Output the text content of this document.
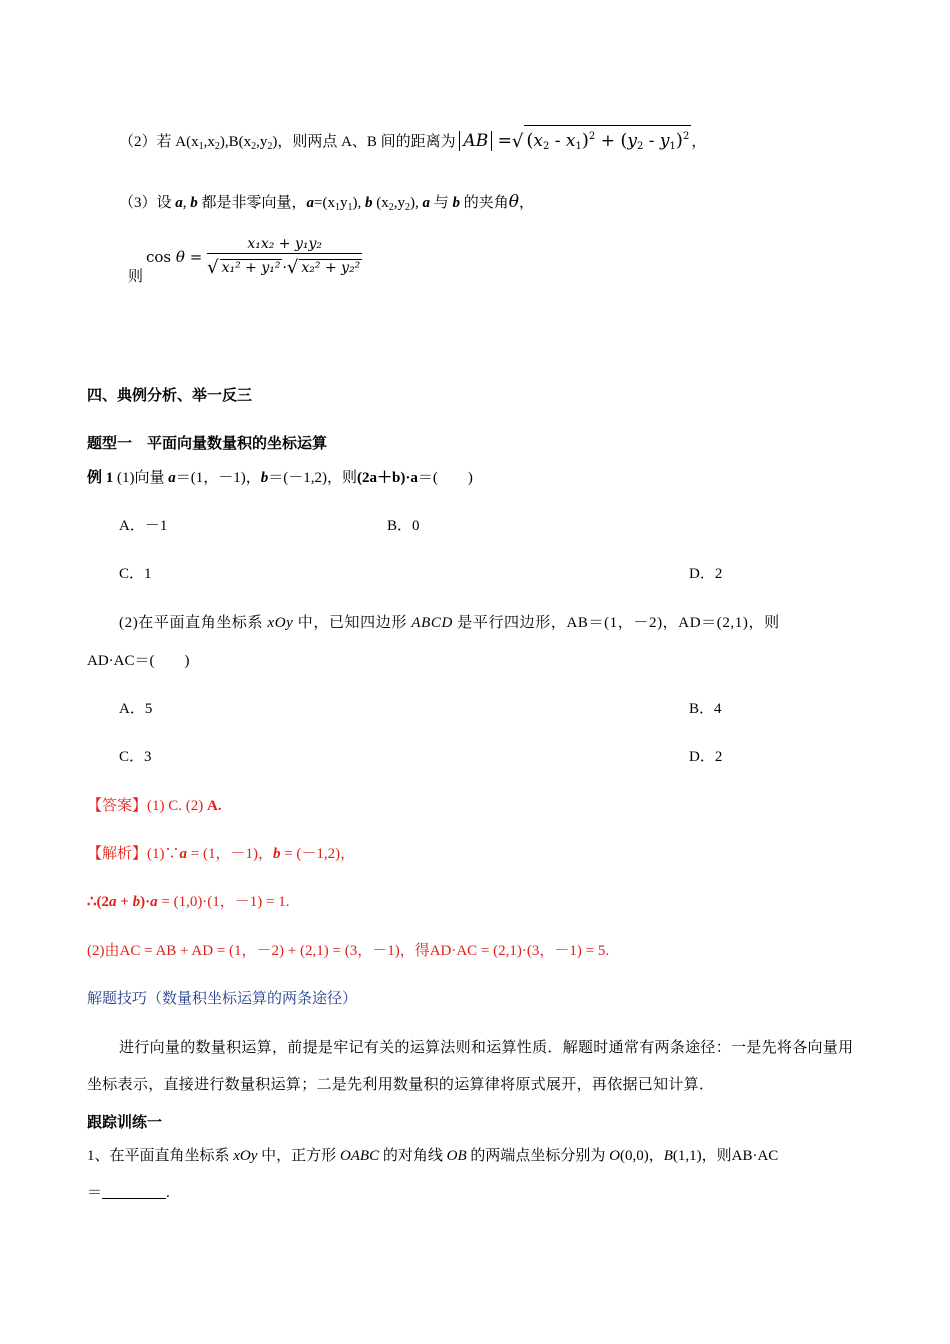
（2）若 $A(x_1,x_2),B(x_2,y_2)$，则两点 A、B 间的距离为 AB =√ $(x_2 - x_1)^2 + (y_2 - y_1)^2$ ，
（3）设 a, b 都是非零向量，$a=(x_1y_1)$, b $(x_2,y_2)$, a 与 b 的夹角θ，
则
$\cos \theta = \frac{\text{x₁x₂ + y₁y₂}}{\text{√ x₁² + y₁² ·√ x₂² + y₂²}}$
四、典例分析、举一反三
题型一　平面向量数量积的坐标运算
例 1 (1)向量 a＝(1，－1)，b＝(－1,2)，则(2a＋b)·a＝(　　)
A．－1	B．0
C．1	D．2
(2)在平面直角坐标系 xOy 中，已知四边形 ABCD 是平行四边形，AB＝(1，－2)，AD＝(2,1)，则
AD·AC＝(　　)
A．5	B．4
C．3	D．2
【答案】(1) C. (2) A.
【解析】(1)∵a = (1，－1)，b = (－1,2)，
∴(2a + b)·a = (1,0)·(1，－1) = 1.
(2)由AC = AB + AD = (1，－2) + (2,1) = (3，－1)，得AD·AC = (2,1)·(3，－1) = 5.
解题技巧（数量积坐标运算的两条途径）
进行向量的数量积运算，前提是牢记有关的运算法则和运算性质．解题时通常有两条途径：一是先将各向量用坐标表示，直接进行数量积运算；二是先利用数量积的运算律将原式展开，再依据已知计算．
跟踪训练一
1、在平面直角坐标系 xOy 中，正方形 OABC 的对角线 OB 的两端点坐标分别为 O(0,0)，B(1,1)，则AB·AC
＝	.
